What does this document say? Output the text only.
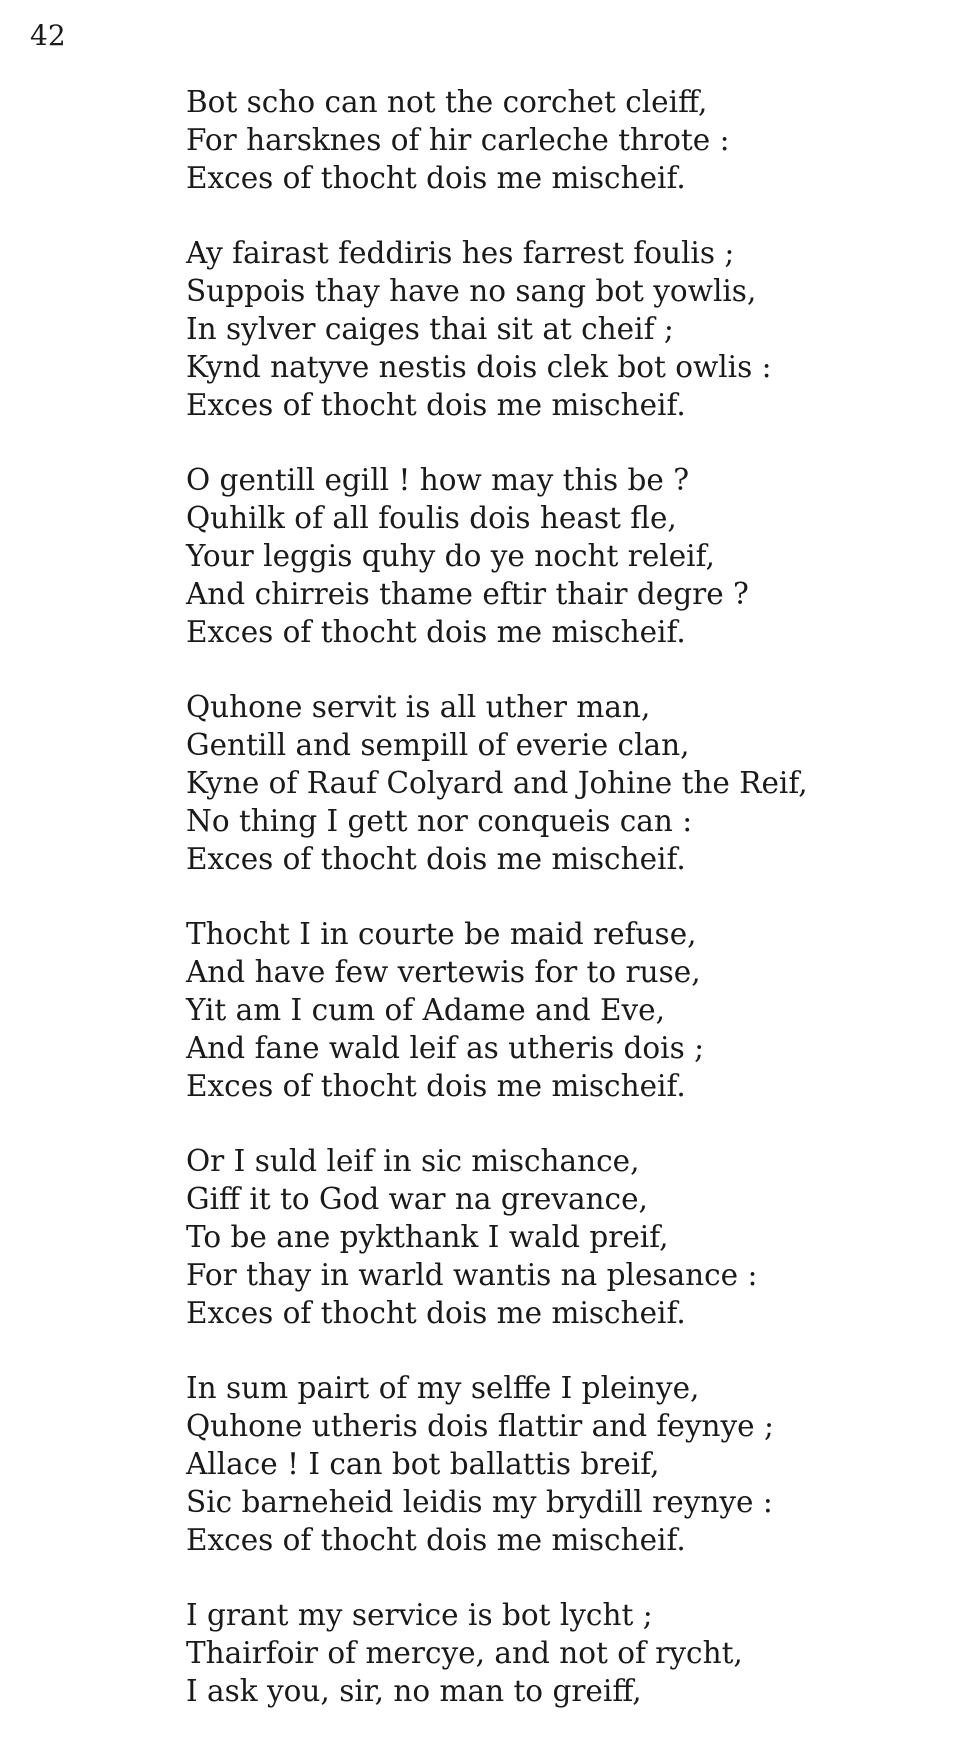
42
Bot scho can not the corchet cleiff,
For harsknes of hir carleche throte :
Exces of thocht dois me mischeif.
Ay fairast feddiris hes farrest foulis ;
Suppois thay have no sang bot yowlis,
In sylver caiges thai sit at cheif ;
Kynd natyve nestis dois clek bot owlis :
Exces of thocht dois me mischeif.
O gentill egill ! how may this be ?
Quhilk of all foulis dois heast fle,
Your leggis quhy do ye nocht releif,
And chirreis thame eftir thair degre ?
Exces of thocht dois me mischeif.
Quhone servit is all uther man,
Gentill and sempill of everie clan,
Kyne of Rauf Colyard and Johine the Reif,
No thing I gett nor conqueis can :
Exces of thocht dois me mischeif.
Thocht I in courte be maid refuse,
And have few vertewis for to ruse,
Yit am I cum of Adame and Eve,
And fane wald leif as utheris dois ;
Exces of thocht dois me mischeif.
Or I suld leif in sic mischance,
Giff it to God war na grevance,
To be ane pykthank I wald preif,
For thay in warld wantis na plesance :
Exces of thocht dois me mischeif.
In sum pairt of my selffe I pleinye,
Quhone utheris dois flattir and feynye ;
Allace ! I can bot ballattis breif,
Sic barneheid leidis my brydill reynye :
Exces of thocht dois me mischeif.
I grant my service is bot lycht ;
Thairfoir of mercye, and not of rycht,
I ask you, sir, no man to greiff,
